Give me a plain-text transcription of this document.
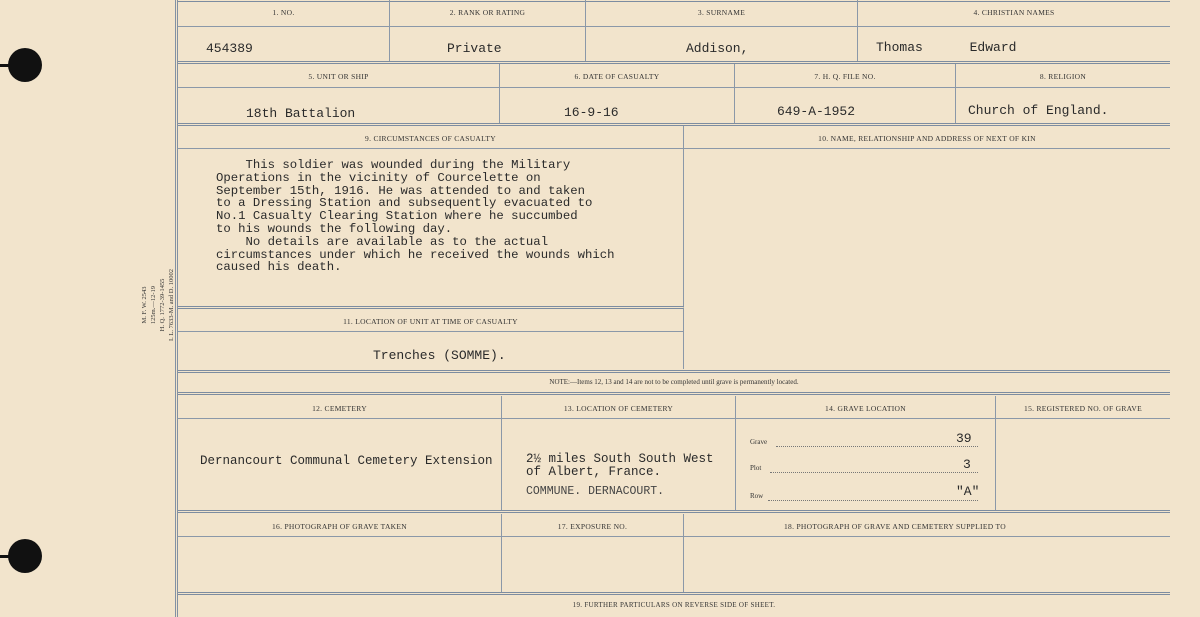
M. F. W. 2543 125m.—12-19 H. Q. 1772-39-1455 I. L. 7633-M. and D. 10002
1. NO.
454389
2. RANK OR RATING
Private
3. SURNAME
Addison,
4. CHRISTIAN NAMES
Thomas      Edward
5. UNIT OR SHIP
18th Battalion
6. DATE OF CASUALTY
16-9-16
7. H. Q. FILE NO.
649-A-1952
8. RELIGION
Church of England.
9. CIRCUMSTANCES OF CASUALTY
This soldier was wounded during the Military
Operations in the vicinity of Courcelette on
September 15th, 1916. He was attended to and taken
to a Dressing Station and subsequently evacuated to
No.1 Casualty Clearing Station where he succumbed
to his wounds the following day.
No details are available as to the actual
circumstances under which he received the wounds which
caused his death.
11. LOCATION OF UNIT AT TIME OF CASUALTY
Trenches (SOMME).
10. NAME, RELATIONSHIP AND ADDRESS OF NEXT OF KIN
NOTE:—Items 12, 13 and 14 are not to be completed until grave is permanently located.
12. CEMETERY
Dernancourt Communal Cemetery Extension
13. LOCATION OF CEMETERY
2½ miles South South West
of Albert, France.
COMMUNE. DERNACOURT.
14. GRAVE LOCATION
Grave	39
Plot	3
Row	"A"
15. REGISTERED NO. OF GRAVE
16. PHOTOGRAPH OF GRAVE TAKEN	17. EXPOSURE NO.	18. PHOTOGRAPH OF GRAVE AND CEMETERY SUPPLIED TO
19. FURTHER PARTICULARS ON REVERSE SIDE OF SHEET.
